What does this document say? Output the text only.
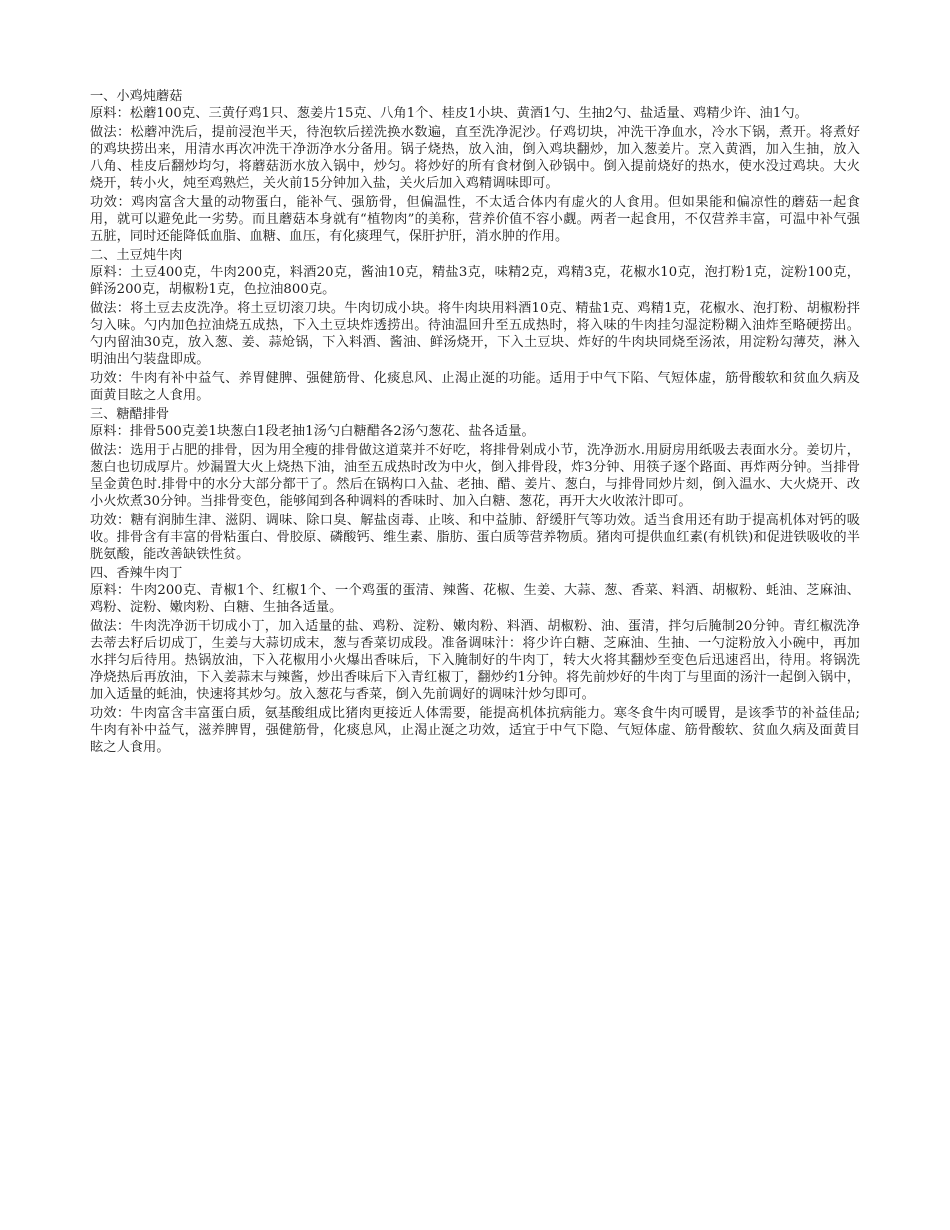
一、小鸡炖蘑菇

原料：松蘑100克、三黄仔鸡1只、葱姜片15克、八角1个、桂皮1小块、黄酒1勺、生抽2勺、盐适量、鸡精少许、油1勺。

做法：松蘑冲洗后，提前浸泡半天，待泡软后搓洗换水数遍，直至洗净泥沙。仔鸡切块，冲洗干净血水，冷水下锅，煮开。将煮好的鸡块捞出来，用清水再次冲洗干净沥净水分备用。锅子烧热，放入油，倒入鸡块翻炒，加入葱姜片。烹入黄酒，加入生抽，放入八角、桂皮后翻炒均匀，将蘑菇沥水放入锅中，炒匀。将炒好的所有食材倒入砂锅中。倒入提前烧好的热水，使水没过鸡块。大火烧开，转小火，炖至鸡熟烂，关火前15分钟加入盐，关火后加入鸡精调味即可。

功效：鸡肉富含大量的动物蛋白，能补气、强筋骨，但偏温性，不太适合体内有虚火的人食用。但如果能和偏凉性的蘑菇一起食用，就可以避免此一劣势。而且蘑菇本身就有“植物肉”的美称，营养价值不容小觑。两者一起食用，不仅营养丰富，可温中补气强五脏，同时还能降低血脂、血糖、血压，有化痰理气，保肝护肝，消水肿的作用。

二、土豆炖牛肉

原料：土豆400克，牛肉200克，料酒20克，酱油10克，精盐3克，味精2克，鸡精3克，花椒水10克，泡打粉1克，淀粉100克，鲜汤200克，胡椒粉1克，色拉油800克。

做法：将土豆去皮洗净。将土豆切滚刀块。牛肉切成小块。将牛肉块用料酒10克、精盐1克、鸡精1克，花椒水、泡打粉、胡椒粉拌匀入味。勺内加色拉油烧五成热，下入土豆块炸透捞出。待油温回升至五成热时，将入味的牛肉挂匀湿淀粉糊入油炸至略硬捞出。勺内留油30克，放入葱、姜、蒜炝锅，下入料酒、酱油、鲜汤烧开，下入土豆块、炸好的牛肉块同烧至汤浓，用淀粉勾薄芡，淋入明油出勺装盘即成。

功效：牛肉有补中益气、养胃健脾、强健筋骨、化痰息风、止渴止涎的功能。适用于中气下陷、气短体虚，筋骨酸软和贫血久病及面黄目眩之人食用。

三、糖醋排骨

原料：排骨500克姜1块葱白1段老抽1汤勺白糖醋各2汤勺葱花、盐各适量。

做法：选用于占肥的排骨，因为用全瘦的排骨做这道菜并不好吃，将排骨剁成小节，洗净沥水.用厨房用纸吸去表面水分。姜切片，葱白也切成厚片。炒漏置大火上烧热下油，油至五成热时改为中火，倒入排骨段，炸3分钟、用筷子逐个路面、再炸两分钟。当排骨呈金黄色时.排骨中的水分大部分都干了。然后在锅构口入盐、老抽、醋、姜片、葱白，与排骨同炒片刻，倒入温水、大火烧开、改小火炊煮30分钟。当排骨变色，能够闻到各种调料的香味时、加入白糖、葱花，再开大火收浓汁即可。

功效：糖有润肺生津、滋阴、调味、除口臭、解盐卤毒、止咳、和中益肺、舒缓肝气等功效。适当食用还有助于提高机体对钙的吸收。排骨含有丰富的骨粘蛋白、骨胶原、磷酸钙、维生素、脂肪、蛋白质等营养物质。猪肉可提供血红素(有机铁)和促进铁吸收的半胱氨酸，能改善缺铁性贫。

四、香辣牛肉丁

原料：牛肉200克、青椒1个、红椒1个、一个鸡蛋的蛋清、辣酱、花椒、生姜、大蒜、葱、香菜、料酒、胡椒粉、蚝油、芝麻油、鸡粉、淀粉、嫩肉粉、白糖、生抽各适量。

做法：牛肉洗净沥干切成小丁，加入适量的盐、鸡粉、淀粉、嫩肉粉、料酒、胡椒粉、油、蛋清，拌匀后腌制20分钟。青红椒洗净去蒂去籽后切成丁，生姜与大蒜切成末，葱与香菜切成段。准备调味汁：将少许白糖、芝麻油、生抽、一勺淀粉放入小碗中，再加水拌匀后待用。热锅放油，下入花椒用小火爆出香味后，下入腌制好的牛肉丁，转大火将其翻炒至变色后迅速舀出，待用。将锅洗净烧热后再放油，下入姜蒜末与辣酱，炒出香味后下入青红椒丁，翻炒约1分钟。将先前炒好的牛肉丁与里面的汤汁一起倒入锅中，加入适量的蚝油，快速将其炒匀。放入葱花与香菜，倒入先前调好的调味汁炒匀即可。

功效：牛肉富含丰富蛋白质，氨基酸组成比猪肉更接近人体需要，能提高机体抗病能力。寒冬食牛肉可暖胃，是该季节的补益佳品;牛肉有补中益气，滋养脾胃，强健筋骨，化痰息风，止渴止涎之功效，适宜于中气下隐、气短体虚、筋骨酸软、贫血久病及面黄目眩之人食用。
